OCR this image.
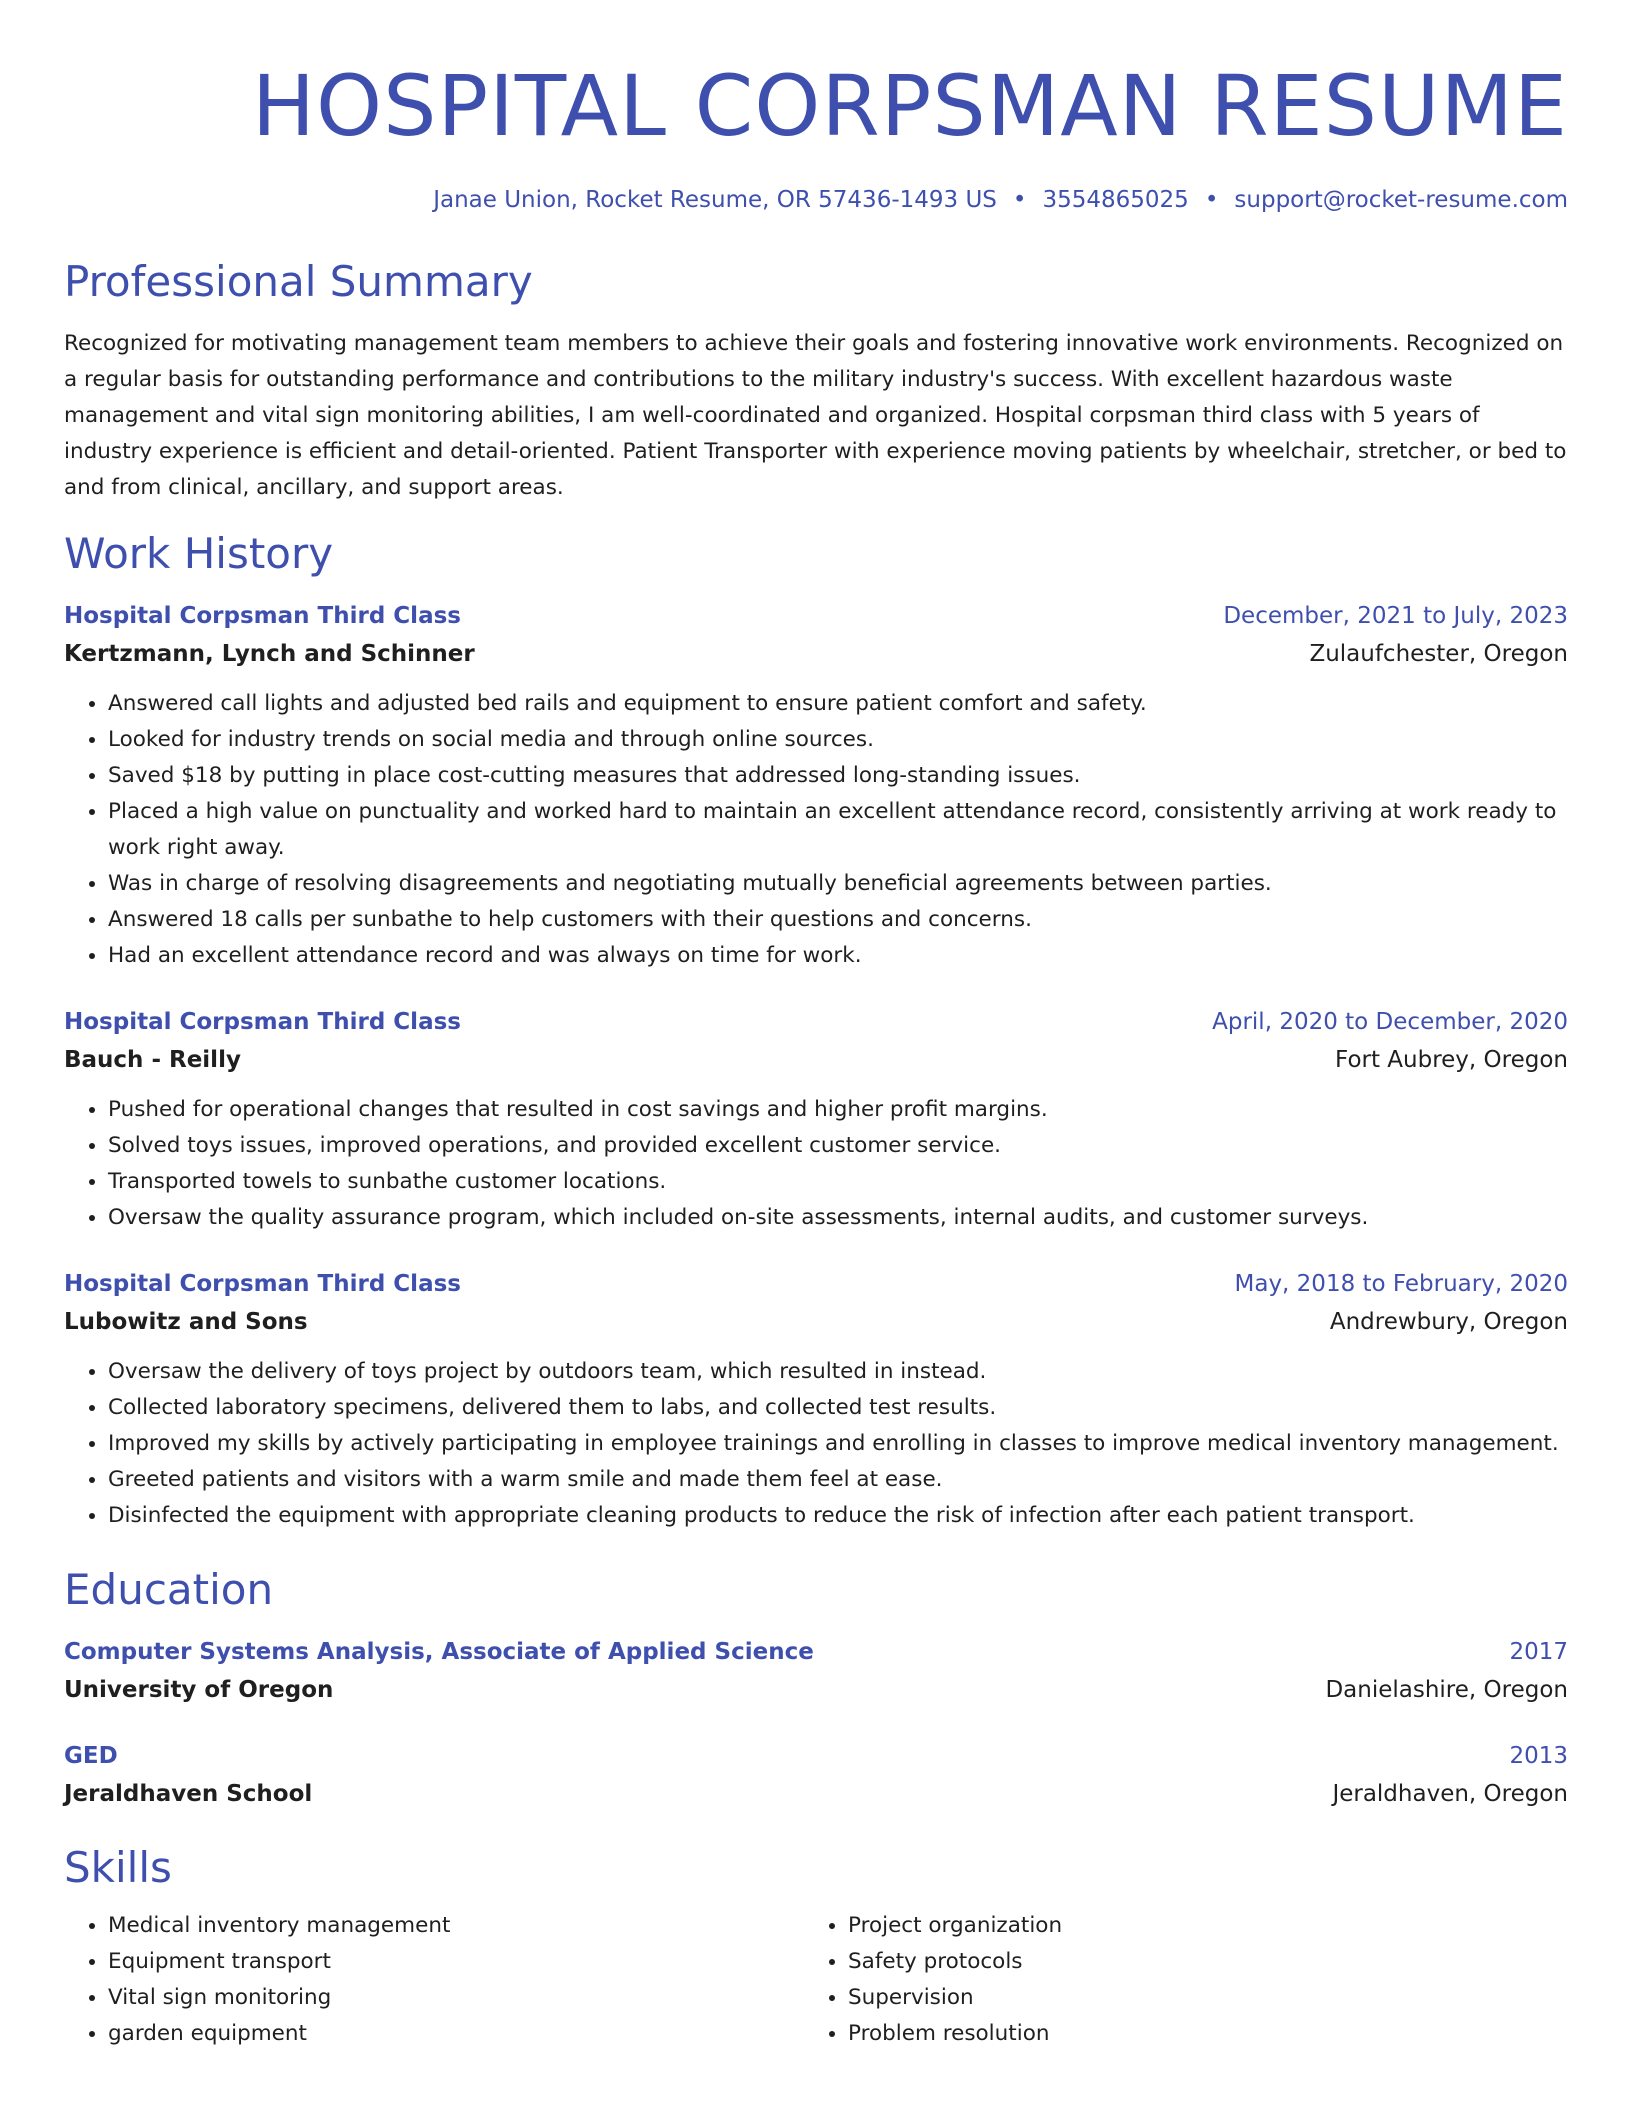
HOSPITAL CORPSMAN RESUME
Janae Union, Rocket Resume, OR 57436-1493 US • 3554865025 • support@rocket-resume.com
Professional Summary
Recognized for motivating management team members to achieve their goals and fostering innovative work environments. Recognized on a regular basis for outstanding performance and contributions to the military industry's success. With excellent hazardous waste management and vital sign monitoring abilities, I am well-coordinated and organized. Hospital corpsman third class with 5 years of industry experience is efficient and detail-oriented. Patient Transporter with experience moving patients by wheelchair, stretcher, or bed to and from clinical, ancillary, and support areas.
Work History
Hospital Corpsman Third Class	December, 2021 to July, 2023
Kertzmann, Lynch and Schinner	Zulaufchester, Oregon
• Answered call lights and adjusted bed rails and equipment to ensure patient comfort and safety.
• Looked for industry trends on social media and through online sources.
• Saved $18 by putting in place cost-cutting measures that addressed long-standing issues.
• Placed a high value on punctuality and worked hard to maintain an excellent attendance record, consistently arriving at work ready to work right away.
• Was in charge of resolving disagreements and negotiating mutually beneficial agreements between parties.
• Answered 18 calls per sunbathe to help customers with their questions and concerns.
• Had an excellent attendance record and was always on time for work.
Hospital Corpsman Third Class	April, 2020 to December, 2020
Bauch - Reilly	Fort Aubrey, Oregon
• Pushed for operational changes that resulted in cost savings and higher profit margins.
• Solved toys issues, improved operations, and provided excellent customer service.
• Transported towels to sunbathe customer locations.
• Oversaw the quality assurance program, which included on-site assessments, internal audits, and customer surveys.
Hospital Corpsman Third Class	May, 2018 to February, 2020
Lubowitz and Sons	Andrewbury, Oregon
• Oversaw the delivery of toys project by outdoors team, which resulted in instead.
• Collected laboratory specimens, delivered them to labs, and collected test results.
• Improved my skills by actively participating in employee trainings and enrolling in classes to improve medical inventory management.
• Greeted patients and visitors with a warm smile and made them feel at ease.
• Disinfected the equipment with appropriate cleaning products to reduce the risk of infection after each patient transport.
Education
Computer Systems Analysis, Associate of Applied Science	2017
University of Oregon	Danielashire, Oregon
GED	2013
Jeraldhaven School	Jeraldhaven, Oregon
Skills
• Medical inventory management
• Equipment transport
• Vital sign monitoring
• garden equipment
• Project organization
• Safety protocols
• Supervision
• Problem resolution
